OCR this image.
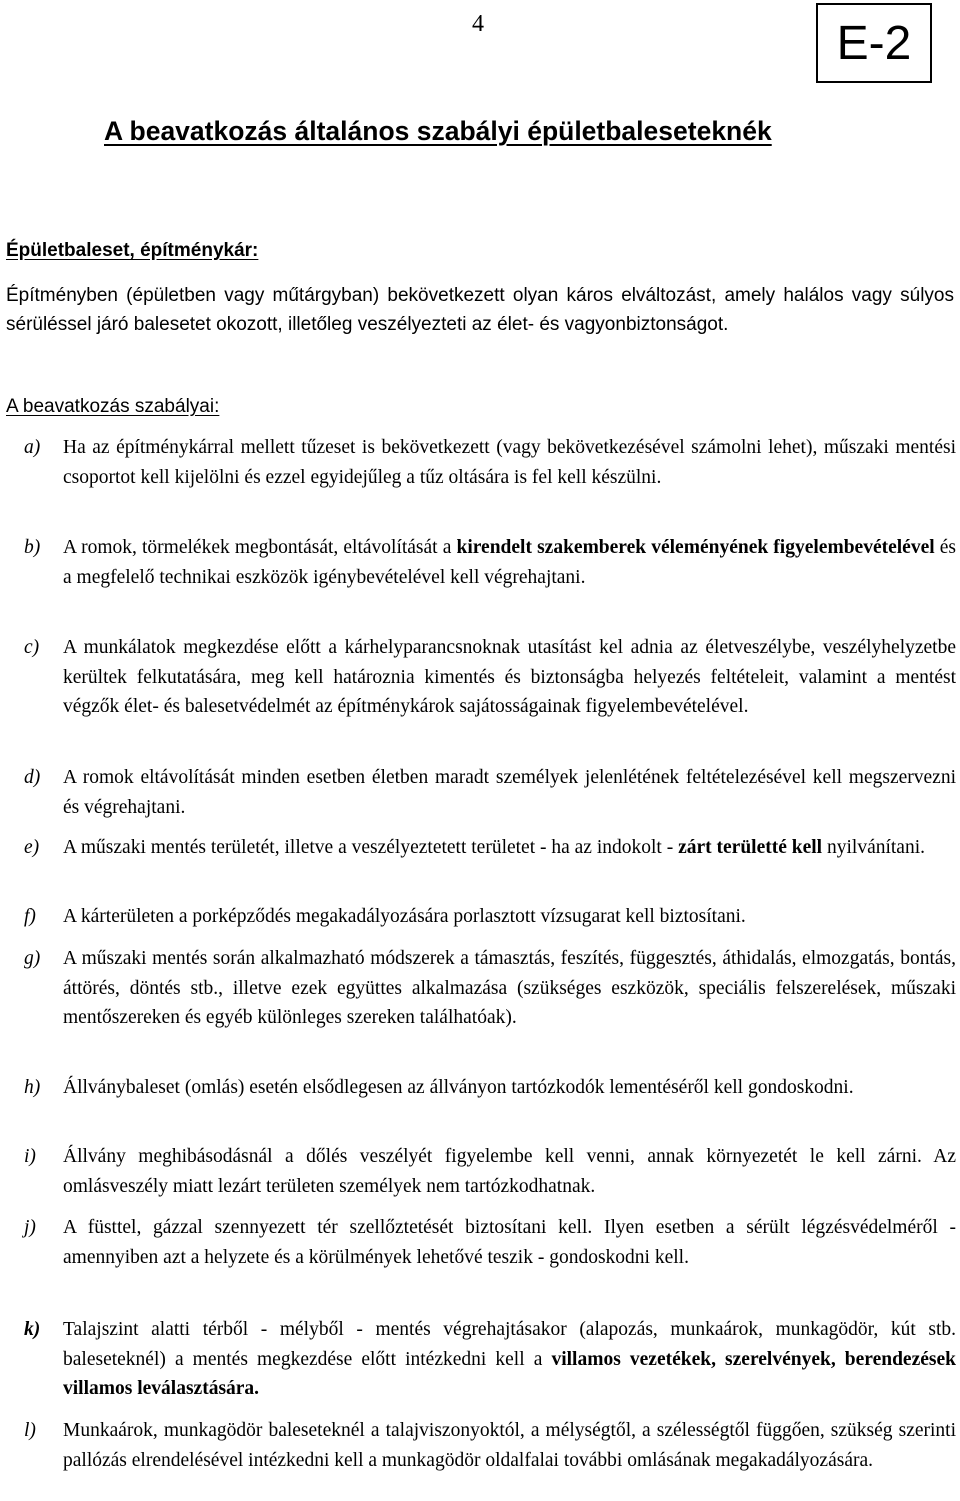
4	E-2
A beavatkozás általános szabályi épületbaleseteknék
Épületbaleset, építménykár:
Építményben (épületben vagy műtárgyban) bekövetkezett olyan káros elváltozást, amely halálos vagy súlyos sérüléssel járó balesetet okozott, illetőleg veszélyezteti az élet- és vagyonbiztonságot.
A beavatkozás szabályai:
a) Ha az építménykárral mellett tűzeset is bekövetkezett (vagy bekövetkezésével számolni lehet), műszaki mentési csoportot kell kijelölni és ezzel egyidejűleg a tűz oltására is fel kell készülni.
b) A romok, törmelékek megbontását, eltávolítását a kirendelt szakemberek véleményének figyelembevételével és a megfelelő technikai eszközök igénybevételével kell végrehajtani.
c) A munkálatok megkezdése előtt a kárhelyparancsnoknak utasítást kel adnia az életveszélybe, veszélyhelyzetbe kerültek felkutatására, meg kell határoznia kimentés és biztonságba helyezés feltételeit, valamint a mentést végzők élet- és balesetvédelmét az építménykárok sajátosságainak figyelembevételével.
d) A romok eltávolítását minden esetben életben maradt személyek jelenlétének feltételezésével kell megszervezni és végrehajtani.
e) A műszaki mentés területét, illetve a veszélyeztetett területet - ha az indokolt - zárt területté kell nyilvánítani.
f) A kárterületen a porképződés megakadályozására porlasztott vízsugarat kell biztosítani.
g) A műszaki mentés során alkalmazható módszerek a támasztás, feszítés, függesztés, áthidalás, elmozgatás, bontás, áttörés, döntés stb., illetve ezek együttes alkalmazása (szükséges eszközök, speciális felszerelések, műszaki mentőszereken és egyéb különleges szereken találhatóak).
h) Állványbaleset (omlás) esetén elsődlegesen az állványon tartózkodók lementéséről kell gondoskodni.
i) Állvány meghibásodásnál a dőlés veszélyét figyelembe kell venni, annak környezetét le kell zárni. Az omlásveszély miatt lezárt területen személyek nem tartózkodhatnak.
j) A füsttel, gázzal szennyezett tér szellőztetését biztosítani kell. Ilyen esetben a sérült légzésvédelméről - amennyiben azt a helyzete és a körülmények lehetővé teszik - gondoskodni kell.
k) Talajszint alatti térből - mélyből - mentés végrehajtásakor (alapozás, munkaárok, munkagödör, kút stb. baleseteknél) a mentés megkezdése előtt intézkedni kell a villamos vezetékek, szerelvények, berendezések villamos leválasztására.
l) Munkaárok, munkagödör baleseteknél a talajviszonyoktól, a mélységtől, a szélességtől függően, szükség szerinti pallózás elrendelésével intézkedni kell a munkagödör oldalfalai további omlásának megakadályozására.
